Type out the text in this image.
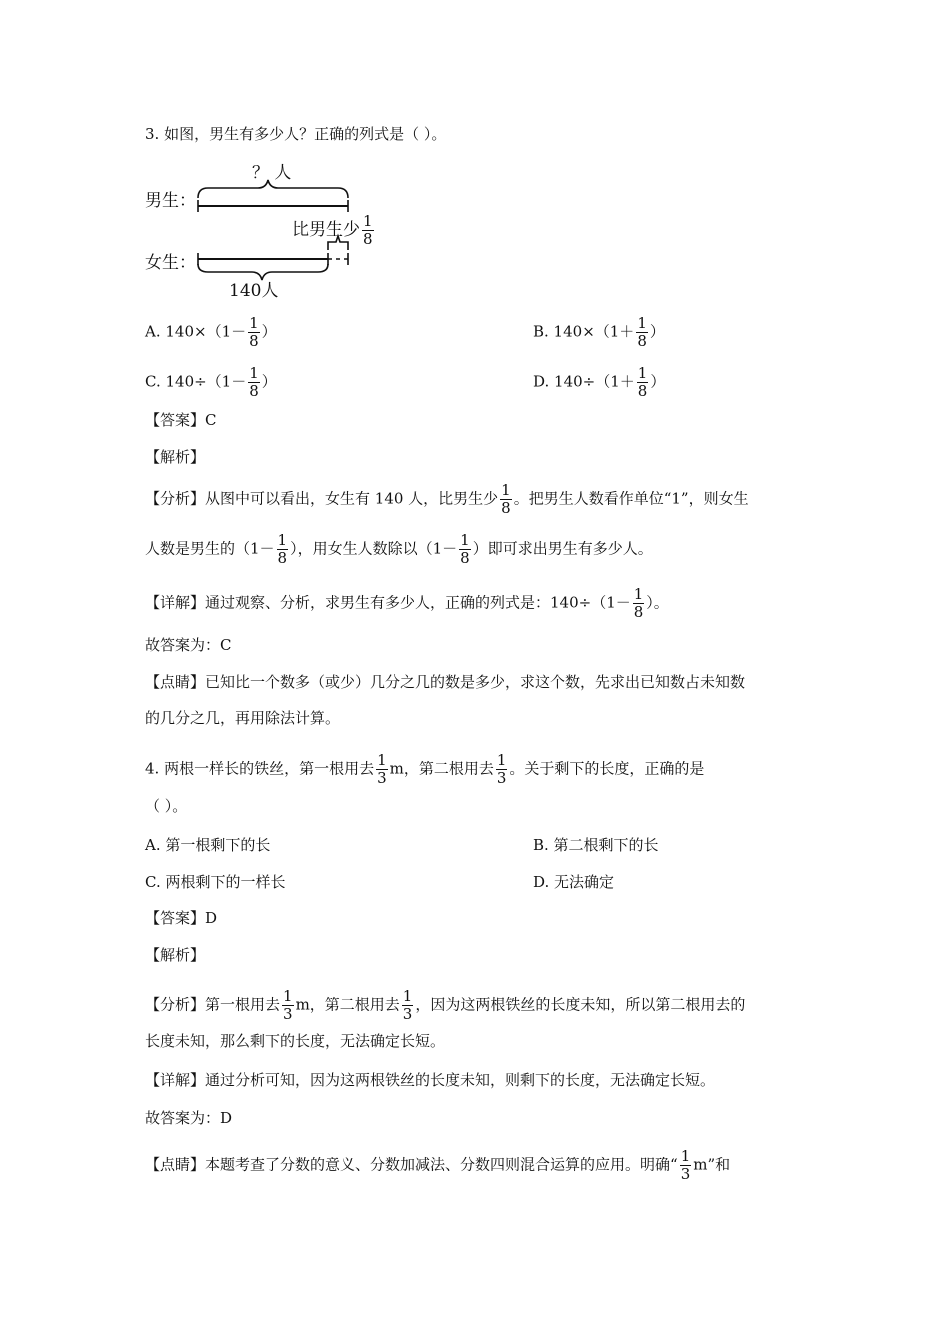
3. 如图，男生有多少人？正确的列式是（ ）。
男生：
女生：
？ 人
比男生少 $\frac{1}{8}$
140人
A. $140\times(1- \frac{1}{8}$ ）	B. $140\times(1+ \frac{1}{8}$ ）
C. $140\div(1- \frac{1}{8}$ ）	D. $140\div(1+ \frac{1}{8}$ ）
【答案】C
【解析】
【分析】从图中可以看出，女生有 140 人，比男生少 $\frac{1}{8}$ 。把男生人数看作单位“1”，则女生
人数是男生的（$1- \frac{1}{8}$ ），用女生人数除以（$1- \frac{1}{8}$ ）即可求出男生有多少人。
【详解】通过观察、分析，求男生有多少人，正确的列式是：$140\div(1- \frac{1}{8}$ ）。
故答案为：C
【点睛】已知比一个数多（或少）几分之几的数是多少，求这个数，先求出已知数占未知数
的几分之几，再用除法计算。
4. 两根一样长的铁丝，第一根用去 $\frac{1}{3}$ m，第二根用去 $\frac{1}{3}$ 。关于剩下的长度，正确的是
（ ）。
A. 第一根剩下的长	B. 第二根剩下的长
C. 两根剩下的一样长	D. 无法确定
【答案】D
【解析】
【分析】第一根用去 $\frac{1}{3}$ m，第二根用去 $\frac{1}{3}$ ，因为这两根铁丝的长度未知，所以第二根用去的
长度未知，那么剩下的长度，无法确定长短。
【详解】通过分析可知，因为这两根铁丝的长度未知，则剩下的长度，无法确定长短。
故答案为：D
【点睛】本题考查了分数的意义、分数加减法、分数四则混合运算的应用。明确“ $\frac{1}{3} m$”和
